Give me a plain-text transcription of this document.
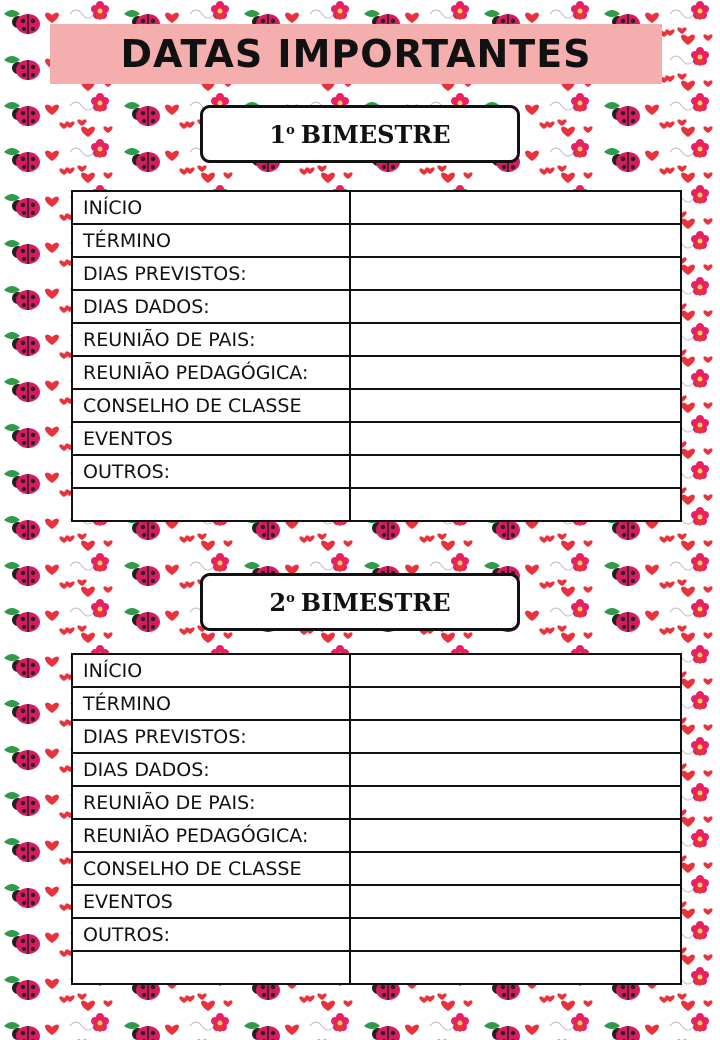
DATAS IMPORTANTES
1$^o$ BIMESTRE
INÍCIO	
TÉRMINO	
DIAS PREVISTOS:	
DIAS DADOS:	
REUNIÃO DE PAIS:	
REUNIÃO PEDAGÓGICA:	
CONSELHO DE CLASSE	
EVENTOS	
OUTROS:	

2$^o$ BIMESTRE
INÍCIO	
TÉRMINO	
DIAS PREVISTOS:	
DIAS DADOS:	
REUNIÃO DE PAIS:	
REUNIÃO PEDAGÓGICA:	
CONSELHO DE CLASSE	
EVENTOS	
OUTROS:	
